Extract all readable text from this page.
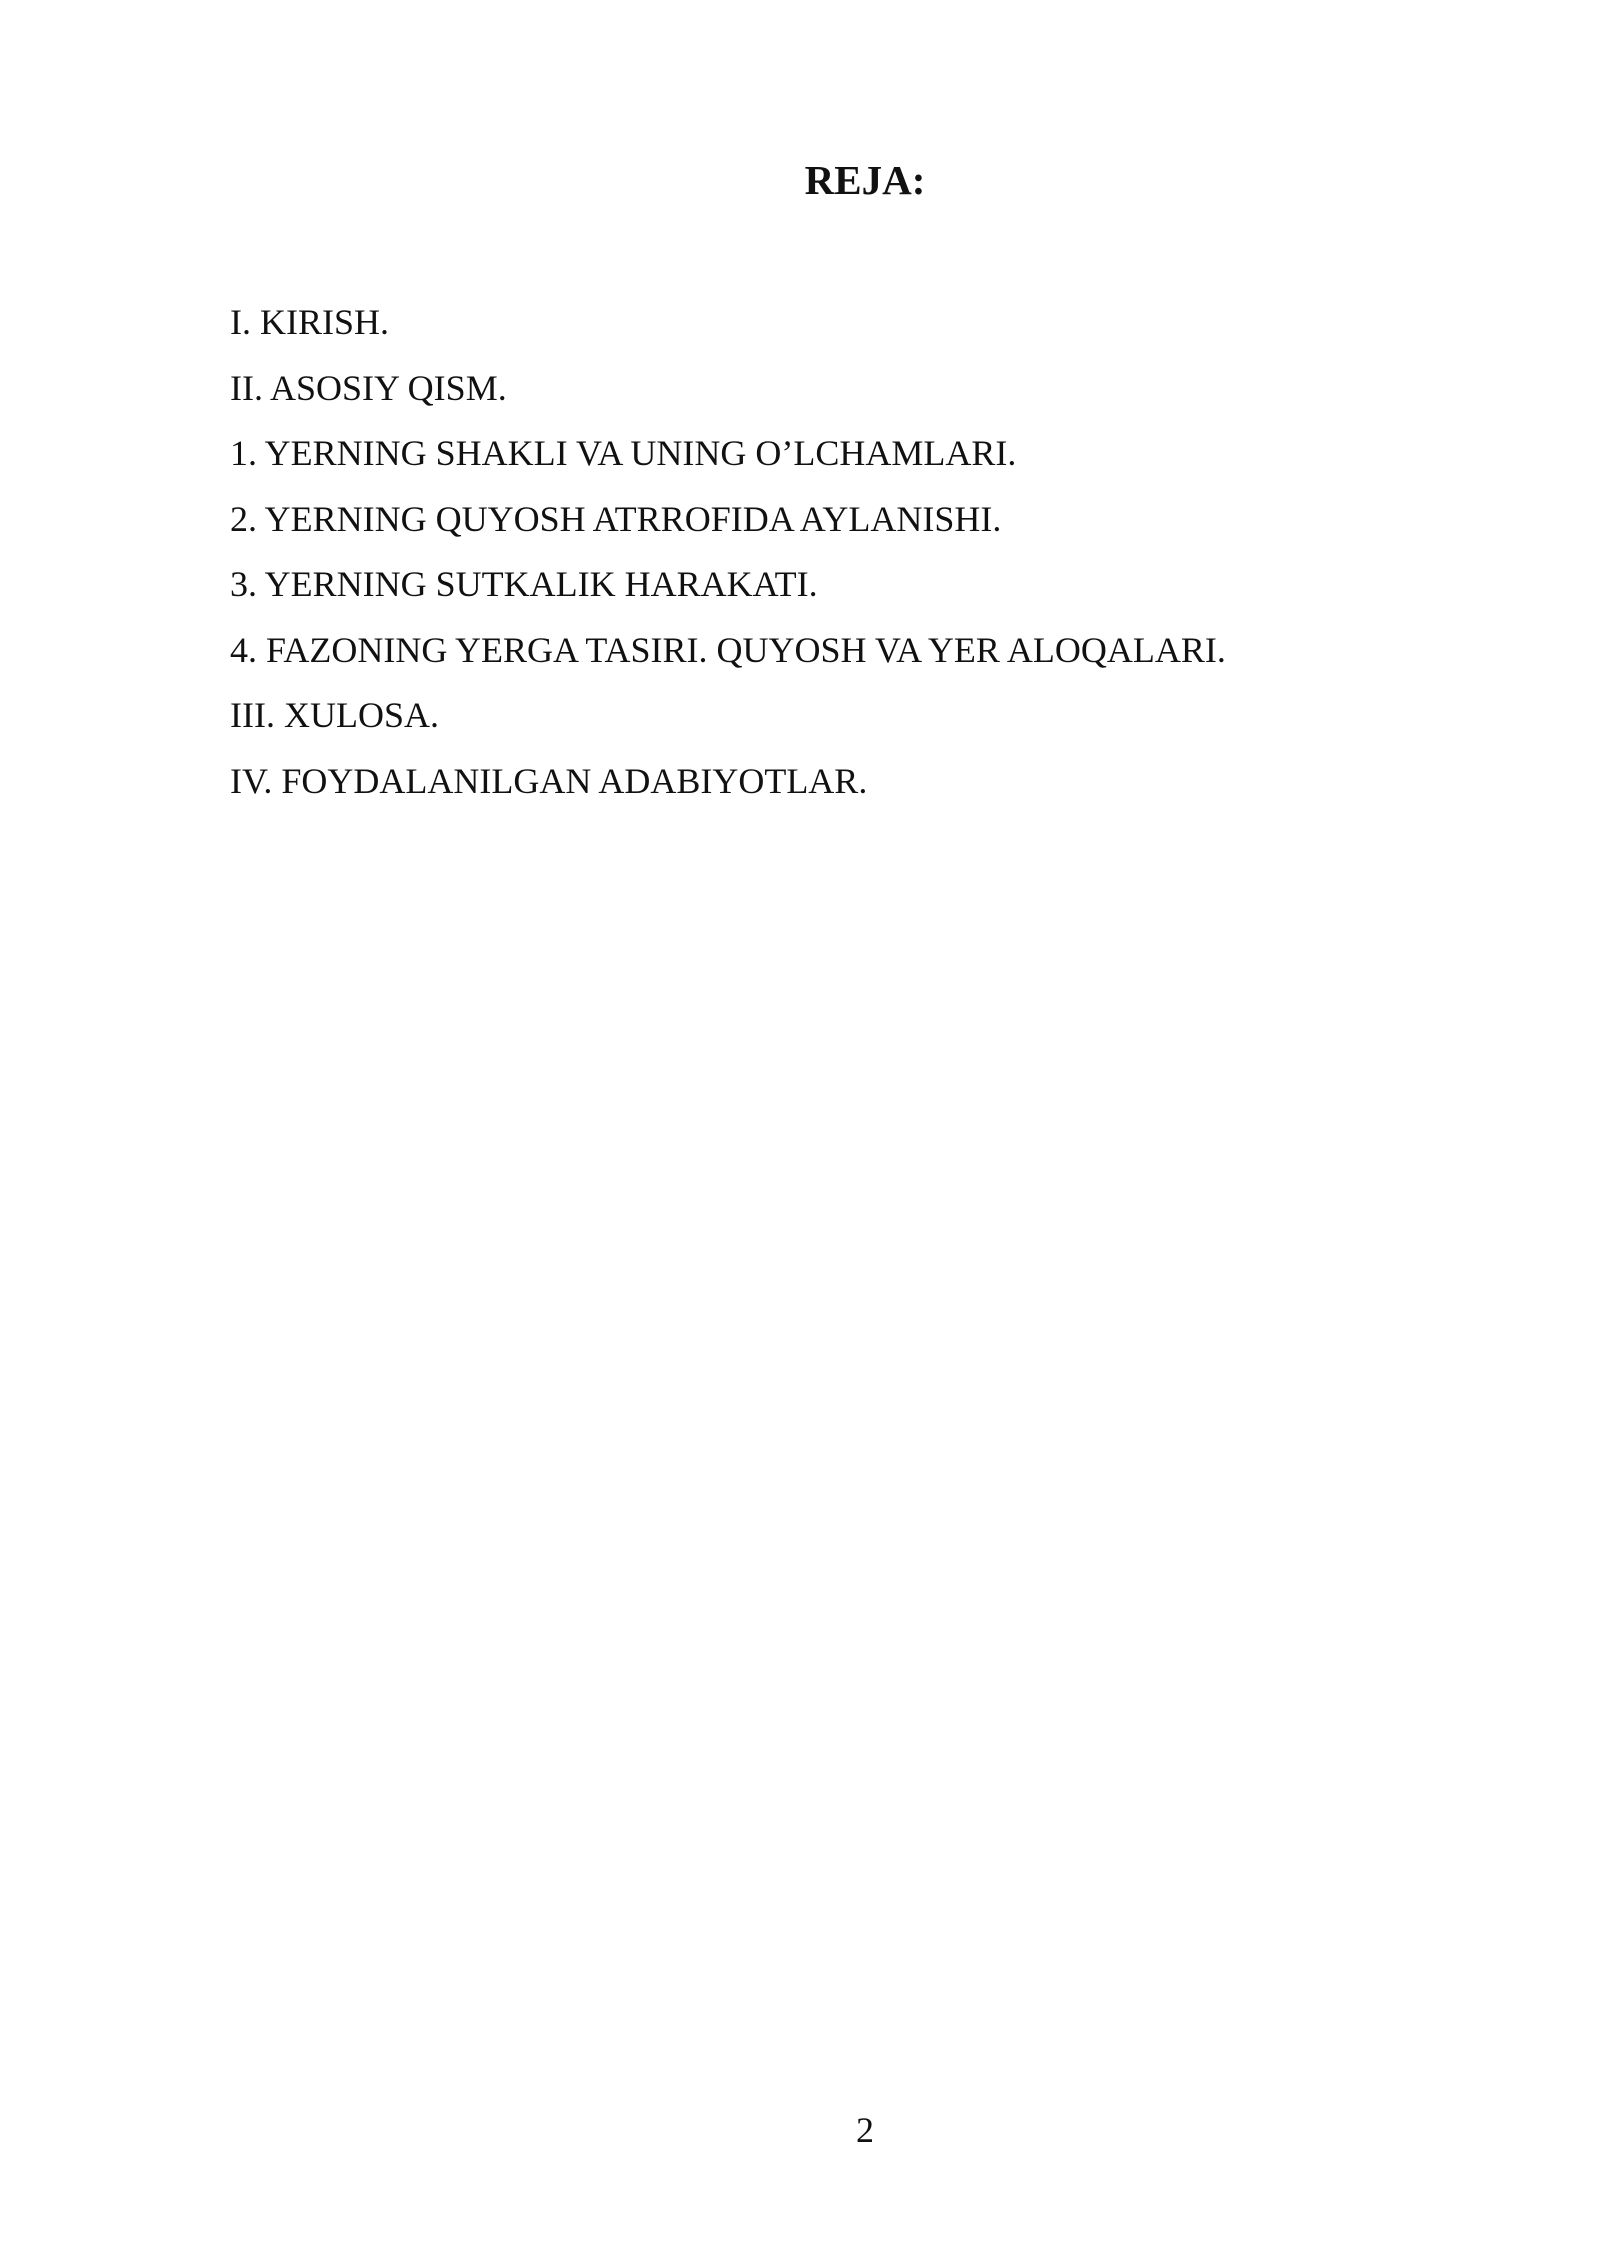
REJA:
I. KIRISH.
II. ASOSIY QISM.
1. YERNING SHAKLI VA UNING O’LCHAMLARI.
2. YERNING QUYOSH ATRROFIDA AYLANISHI.
3. YERNING SUTKALIK HARAKATI.
4. FAZONING YERGA TASIRI. QUYOSH VA YER ALOQALARI.
III. XULOSA.
IV. FOYDALANILGAN ADABIYOTLAR.
2
